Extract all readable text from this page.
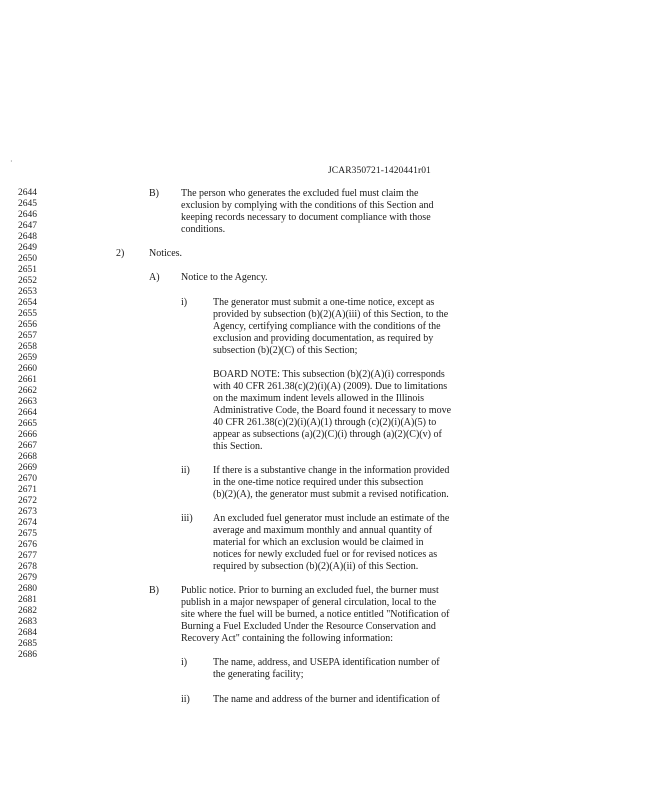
·
JCAR350721-1420441r01
2644
2645
2646
2647
2648
2649
2650
2651
2652
2653
2654
2655
2656
2657
2658
2659
2660
2661
2662
2663
2664
2665
2666
2667
2668
2669
2670
2671
2672
2673
2674
2675
2676
2677
2678
2679
2680
2681
2682
2683
2684
2685
2686
B) The person who generates the excluded fuel must claim the
exclusion by complying with the conditions of this Section and
keeping records necessary to document compliance with those
conditions.
2) Notices.
A) Notice to the Agency.
i)	The generator must submit a one-time notice, except as
provided by subsection (b)(2)(A)(iii) of this Section, to the
Agency, certifying compliance with the conditions of the
exclusion and providing documentation, as required by
subsection (b)(2)(C) of this Section;
BOARD NOTE: This subsection (b)(2)(A)(i) corresponds
with 40 CFR 261.38(c)(2)(i)(A) (2009). Due to limitations
on the maximum indent levels allowed in the Illinois
Administrative Code, the Board found it necessary to move
40 CFR 261.38(c)(2)(i)(A)(1) through (c)(2)(i)(A)(5) to
appear as subsections (a)(2)(C)(i) through (a)(2)(C)(v) of
this Section.
ii) If there is a substantive change in the information provided
in the one-time notice required under this subsection
(b)(2)(A), the generator must submit a revised notification.
iii) An excluded fuel generator must include an estimate of the
average and maximum monthly and annual quantity of
material for which an exclusion would be claimed in
notices for newly excluded fuel or for revised notices as
required by subsection (b)(2)(A)(ii) of this Section.
B) Public notice. Prior to burning an excluded fuel, the burner must
publish in a major newspaper of general circulation, local to the
site where the fuel will be burned, a notice entitled "Notification of
Burning a Fuel Excluded Under the Resource Conservation and
Recovery Act" containing the following information:
i)	The name, address, and USEPA identification number of
the generating facility;
ii) The name and address of the burner and identification of
